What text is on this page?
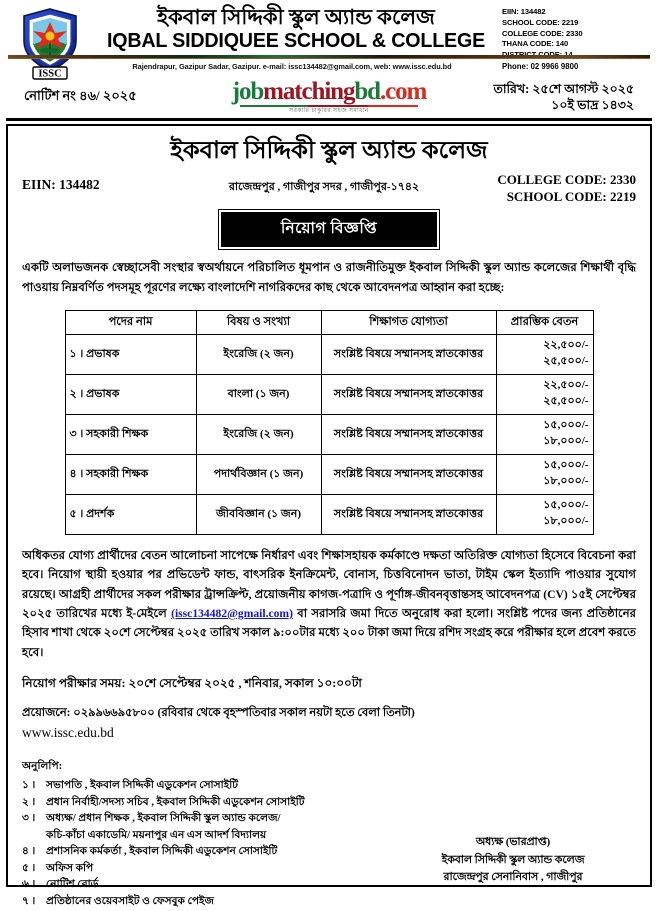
ISSC
ইকবাল সিদ্দিকী স্কুল অ্যান্ড কলেজ
IQBAL SIDDIQUEE SCHOOL & COLLEGE
EIIN: 134482
SCHOOL CODE: 2219
COLLEGE CODE: 2330
THANA CODE: 140
Rajendrapur, Gazipur Sadar, Gazipur. e-mail: issc134482@gmail.com, web: www.issc.edu.bd	Phone: 02 9966 9800
নোটিশ নং ৪৬/ ২০২৫	jobmatchingbd.com
সরকারি চাকুরির সহজ সমাধান
তারিখ: ২৫শে আগস্ট ২০২৫
১০ই ভাদ্র ১৪৩২
ইকবাল সিদ্দিকী স্কুল অ্যান্ড কলেজ
EIIN: 134482	রাজেন্দ্রপুর , গাজীপুর সদর , গাজীপুর-১৭৪২	COLLEGE CODE: 2330
SCHOOL CODE: 2219
নিয়োগ বিজ্ঞপ্তি
একটি অলাভজনক স্বেচ্ছাসেবী সংস্থার স্বঅর্থায়নে পরিচালিত ধূমপান ও রাজনীতিমুক্ত ইকবাল সিদ্দিকী স্কুল অ্যান্ড কলেজের শিক্ষার্থী বৃদ্ধি পাওয়ায় নিম্নবর্ণিত পদসমূহ পূরণের লক্ষ্যে বাংলাদেশি নাগরিকদের কাছ থেকে আবেদনপত্র আহ্বান করা হচ্ছে:
পদের নাম	বিষয় ও সংখ্যা	শিক্ষাগত যোগ্যতা	প্রারম্ভিক বেতন
১ । প্রভাষক	ইংরেজি (২ জন)	সংশ্লিষ্ট বিষয়ে সম্মানসহ স্নাতকোত্তর	২২,৫০০/-
২৫,৫০০/-

২ । প্রভাষক	বাংলা (১ জন)	সংশ্লিষ্ট বিষয়ে সম্মানসহ স্নাতকোত্তর	২২,৫০০/-
২৫,৫০০/-

৩ । সহকারী শিক্ষক	ইংরেজি (২ জন)	সংশ্লিষ্ট বিষয়ে সম্মানসহ স্নাতকোত্তর	১৫,০০০/-
১৮,০০০/-

৪ । সহকারী শিক্ষক	পদার্থবিজ্ঞান (১ জন)	সংশ্লিষ্ট বিষয়ে সম্মানসহ স্নাতকোত্তর	১৫,০০০/-
১৮,০০০/-

৫ । প্রদর্শক	জীববিজ্ঞান (১ জন)	সংশ্লিষ্ট বিষয়ে সম্মানসহ স্নাতকোত্তর	১৫,০০০/-
১৮,০০০/-
অধিকতর যোগ্য প্রার্থীদের বেতন আলোচনা সাপেক্ষে নির্ধারণ এবং শিক্ষাসহায়ক কর্মকাণ্ডে দক্ষতা অতিরিক্ত যোগ্যতা হিসেবে বিবেচনা করা হবে। নিয়োগ স্থায়ী হওয়ার পর প্রভিডেন্ট ফান্ড, বাৎসরিক ইনক্রিমেন্ট, বোনাস, চিত্তবিনোদন ভাতা, টাইম স্কেল ইত্যাদি পাওয়ার সুযোগ রয়েছে। আগ্রহী প্রার্থীদের সকল পরীক্ষার ট্রান্সক্রিপ্ট, প্রয়োজনীয় কাগজ-পত্রাদি ও পূর্ণাঙ্গ-জীবনবৃত্তান্তসহ আবেদনপত্র (CV) ১৫ই সেপ্টেম্বর ২০২৫ তারিখের মধ্যে ই-মেইলে (issc134482@gmail.com) বা সরাসরি জমা দিতে অনুরোধ করা হলো। সংশ্লিষ্ট পদের জন্য প্রতিষ্ঠানের হিসাব শাখা থেকে ২০শে সেপ্টেম্বর ২০২৫ তারিখ সকাল ৯:০০টার মধ্যে ২০০ টাকা জমা দিয়ে রশিদ সংগ্রহ করে পরীক্ষার হলে প্রবেশ করতে হবে।
নিয়োগ পরীক্ষার সময়: ২০শে সেপ্টেম্বর ২০২৫ , শনিবার, সকাল ১০:০০টা
প্রয়োজনে: ০২৯৯৬৬৯৫৮০০ (রবিবার থেকে বৃহস্পতিবার সকাল নয়টা হতে বেলা তিনটা)
www.issc.edu.bd
অনুলিপি:
১ ।	সভাপতি , ইকবাল সিদ্দিকী এডুকেশন সোসাইটি
২ ।	প্রধান নির্বাহী/সদস্য সচিব , ইকবাল সিদ্দিকী এডুকেশন সোসাইটি
৩ ।	অধ্যক্ষ/ প্রধান শিক্ষক , ইকবাল সিদ্দিকী স্কুল অ্যান্ড কলেজ/
কচি-কাঁচা একাডেমি/ ময়নাপুর এন এস আদর্শ বিদ্যালয়
৪ ।	প্রশাসনিক কর্মকর্তা , ইকবাল সিদ্দিকী এডুকেশন সোসাইটি
৫ ।	অফিস কপি
৬ ।	নোটিশ বোর্ড
৭ ।	প্রতিষ্ঠানের ওয়েবসাইট ও ফেসবুক পেইজ
অধ্যক্ষ (ভারপ্রাপ্ত)
ইকবাল সিদ্দিকী স্কুল অ্যান্ড কলেজ
রাজেন্দ্রপুর সেনানিবাস , গাজীপুর
